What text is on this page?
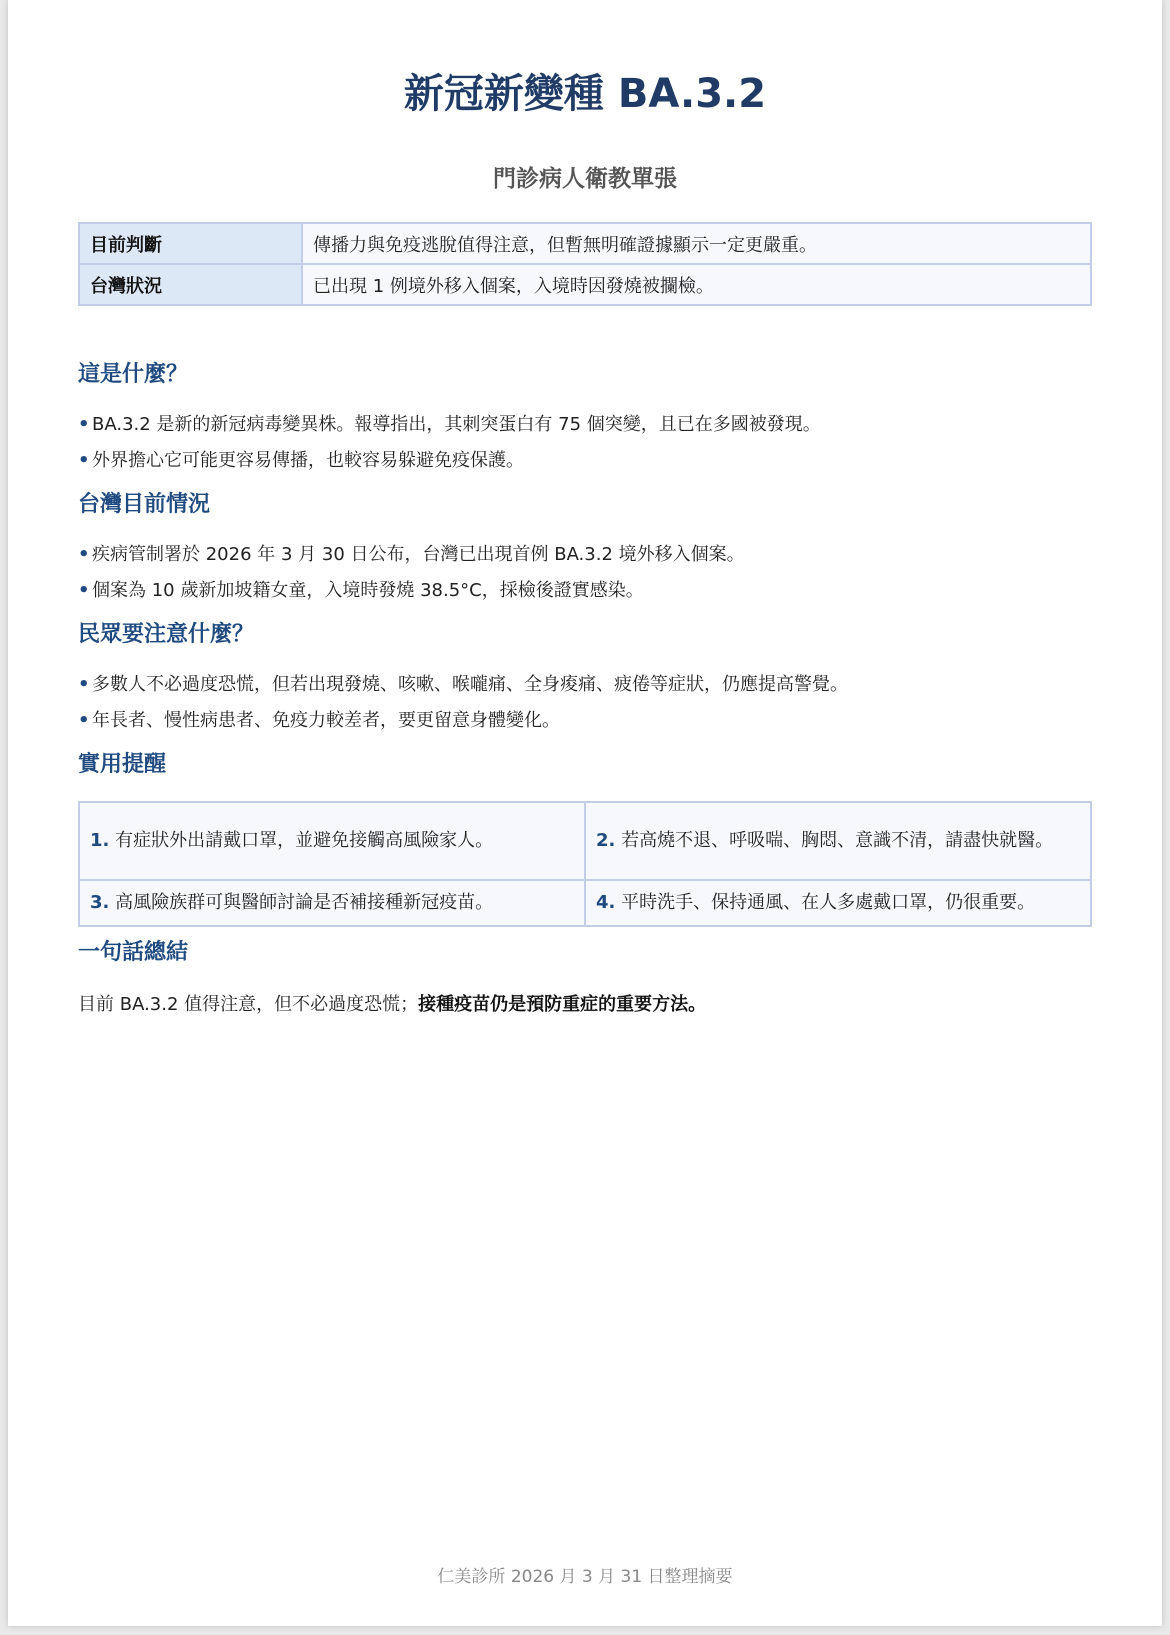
新冠新變種 BA.3.2
門診病人衛教單張
目前判斷	傳播力與免疫逃脫值得注意，但暫無明確證據顯示一定更嚴重。
台灣狀況	已出現 1 例境外移入個案，入境時因發燒被攔檢。
這是什麼？
• BA.3.2 是新的新冠病毒變異株。報導指出，其刺突蛋白有 75 個突變，且已在多國被發現。
• 外界擔心它可能更容易傳播，也較容易躲避免疫保護。
台灣目前情況
• 疾病管制署於 2026 年 3 月 30 日公布，台灣已出現首例 BA.3.2 境外移入個案。
• 個案為 10 歲新加坡籍女童，入境時發燒 38.5°C，採檢後證實感染。
民眾要注意什麼？
• 多數人不必過度恐慌，但若出現發燒、咳嗽、喉嚨痛、全身痠痛、疲倦等症狀，仍應提高警覺。
• 年長者、慢性病患者、免疫力較差者，要更留意身體變化。
實用提醒
1. 有症狀外出請戴口罩，並避免接觸高風險家人。	2. 若高燒不退、呼吸喘、胸悶、意識不清，請盡快就醫。
3. 高風險族群可與醫師討論是否補接種新冠疫苗。	4. 平時洗手、保持通風、在人多處戴口罩，仍很重要。
一句話總結

目前 BA.3.2 值得注意，但不必過度恐慌；接種疫苗仍是預防重症的重要方法。

仁美診所 2026 月 3 月 31 日整理摘要
